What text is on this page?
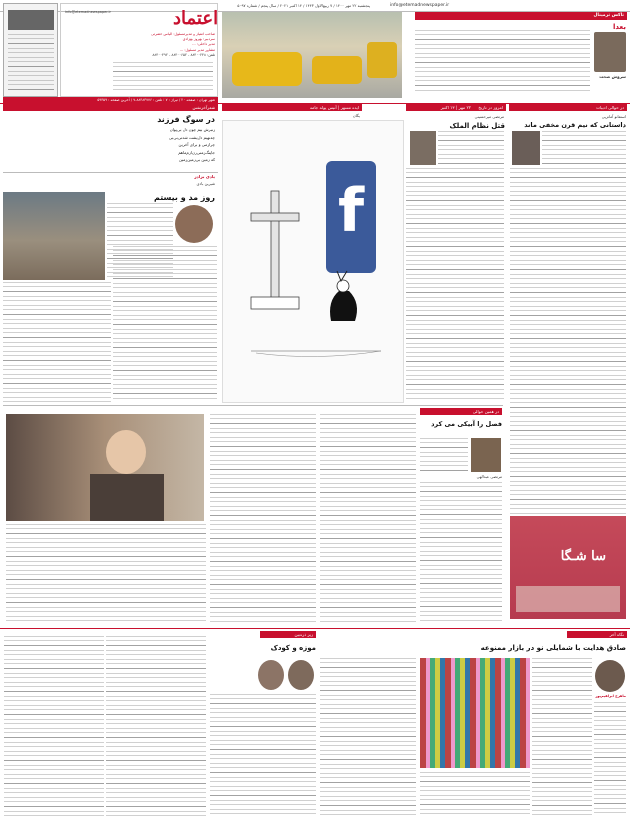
پنجشنبه ۲۲ مهر ۱۴۰۰ / ۷ ربیع‌الاول ۱۴۴۳ / ۱۴ اکتبر ۲۰۲۱ / سال پنجم / شماره ۵۰۹۷	info@etemadnewspaper.ir
اعتماد
info@etemadnewspaper.ir
صاحب امتیاز و مدیرمسئول: الیاس حضرتی
سردبیر: بهروز بهزادی
مدیر داخلی: ...
مشاور مدیر مسئول: ...
تلفن: ۸۸۴۰۰۲۴۸ - ۸۸۴۰۰۶۵۲ - ۸۸۴۰۰۴۹۲
شهر تهران : صفحه ۲۰ / تیراژ : ۷ ؛ تلفن : ۸۸۳۸۳۷۷۶-۷ / آخرین صفحه : ۵۹۳۵۹
تاکس ترمینال
بعدا
سروش صحت
شعرآخرنفس
در سوگ فرزند
زنبرش بیم چون دل بی‌پوان
چه‌نهیم دل‌پشت شدتی‌بی‌بی
چرا‌زمی و برای آخرین
جا‌پنگ‌زمتی‌رن‌ازم‌ماهم
که زمین بی‌زمین‌زمین
یادی برادر
شیرین بادی
روز مد و بیستم
ایده مسهر | آنیس پوله جامه
یگان
f
امروز در تاریخ ۲۲ مهر | ۱۳ اکتبر
مرتضی میرحسینی
قتل نظام الملک
در حوالی ادبیات
استفانو آمانزیی
داستانی که نیم قرن مخفی ماند
در همین حوالی
فصل را آبیکی می کرد
مرتضی عبدالهی
سا شـگا
نگاه آخر
صادق هدایت با شمایلی نو در بازار ممنوعه
ماهرخ ابراهیم‌پور
زیر ذره‌بین
موزه و کودک
